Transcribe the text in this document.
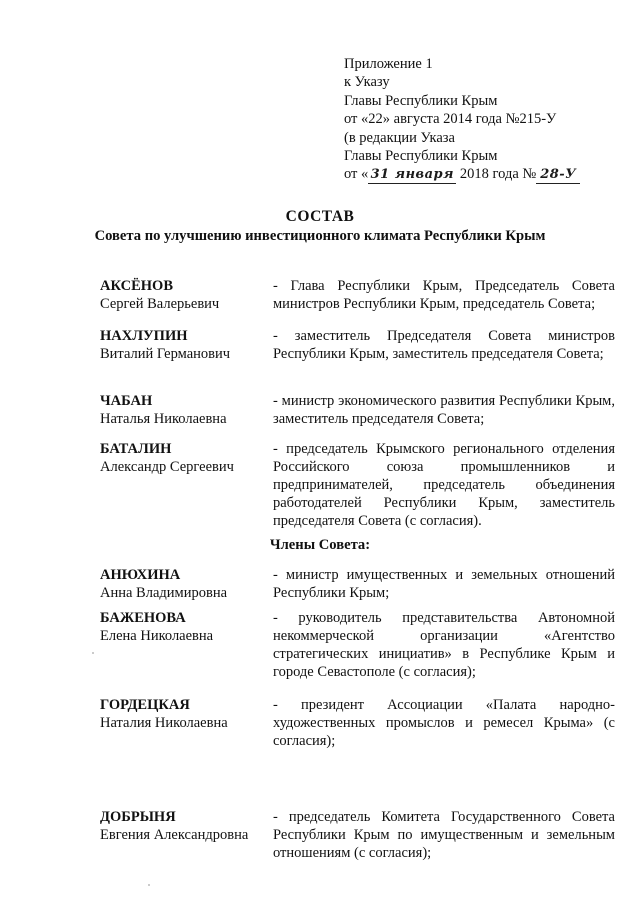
Приложение 1
к Указу
Главы Республики Крым
от «22» августа 2014 года №215-У
(в редакции Указа
Главы Республики Крым
от « 31 января
2018 года № 28-У
СОСТАВ
Совета по улучшению инвестиционного климата Республики Крым
АКСЁНОВ
Сергей Валерьевич
- Глава Республики Крым, Председатель Совета министров Республики Крым, председатель Совета;
НАХЛУПИН
Виталий Германович
- заместитель Председателя Совета министров Республики Крым, заместитель председателя Совета;
ЧАБАН
Наталья Николаевна
- министр экономического развития Республики Крым, заместитель председателя Совета;
БАТАЛИН
Александр Сергеевич
- председатель Крымского регионального отделения Российского союза промышленников и предпринимателей, председатель объединения работодателей Республики Крым, заместитель председателя Совета (с согласия).
Члены Совета:
АНЮХИНА
Анна Владимировна
- министр имущественных и земельных отношений Республики Крым;
БАЖЕНОВА
Елена Николаевна
- руководитель представительства Автономной некоммерческой организации «Агентство стратегических инициатив» в Республике Крым и городе Севастополе (с согласия);
ГОРДЕЦКАЯ
Наталия Николаевна
- президент Ассоциации «Палата народно-художественных промыслов и ремесел Крыма» (с согласия);
ДОБРЫНЯ
Евгения Александровна
- председатель Комитета Государственного Совета Республики Крым по имущественным и земельным отношениям (с согласия);
